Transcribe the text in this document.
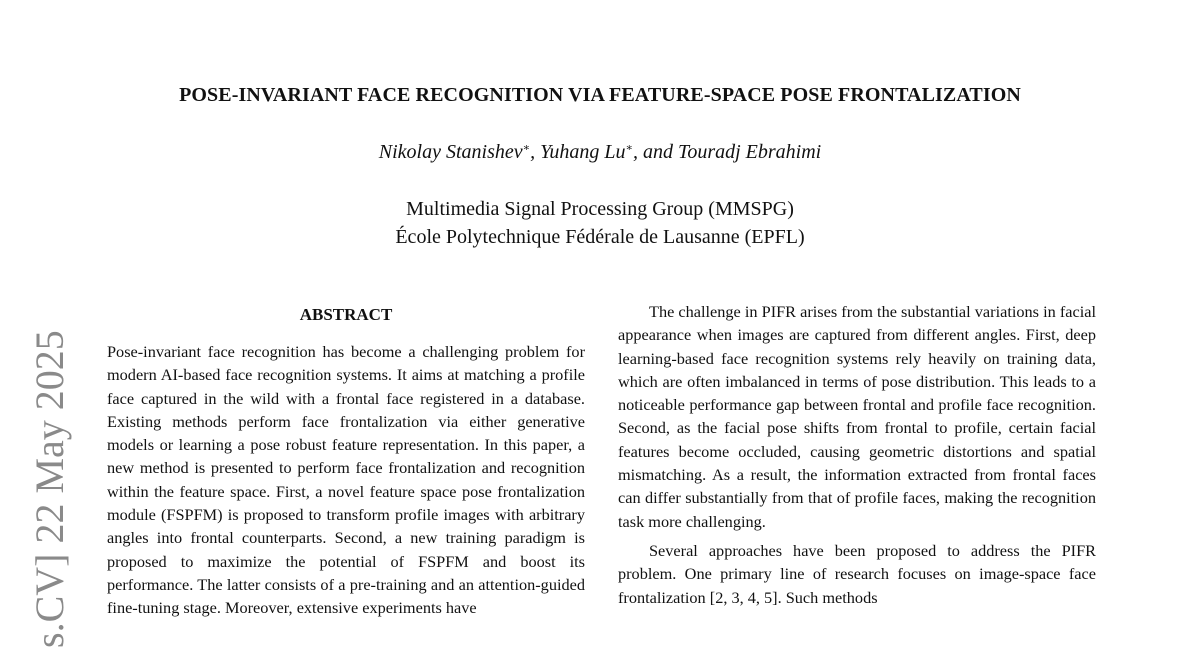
POSE-INVARIANT FACE RECOGNITION VIA FEATURE-SPACE POSE FRONTALIZATION
Nikolay Stanishev∗, Yuhang Lu∗, and Touradj Ebrahimi
Multimedia Signal Processing Group (MMSPG)
École Polytechnique Fédérale de Lausanne (EPFL)
s.CV] 22 May 2025
ABSTRACT

Pose-invariant face recognition has become a challenging problem for modern AI-based face recognition systems. It aims at matching a profile face captured in the wild with a frontal face registered in a database. Existing methods perform face frontalization via either generative models or learning a pose robust feature representation. In this paper, a new method is presented to perform face frontalization and recognition within the feature space. First, a novel feature space pose frontalization module (FSPFM) is proposed to transform profile images with arbitrary angles into frontal counterparts. Second, a new training paradigm is proposed to maximize the potential of FSPFM and boost its performance. The latter consists of a pre-training and an attention-guided fine-tuning stage. Moreover, extensive experiments have

The challenge in PIFR arises from the substantial variations in facial appearance when images are captured from different angles. First, deep learning-based face recognition systems rely heavily on training data, which are often imbalanced in terms of pose distribution. This leads to a noticeable performance gap between frontal and profile face recognition. Second, as the facial pose shifts from frontal to profile, certain facial features become occluded, causing geometric distortions and spatial mismatching. As a result, the information extracted from frontal faces can differ substantially from that of profile faces, making the recognition task more challenging.

Several approaches have been proposed to address the PIFR problem. One primary line of research focuses on image-space face frontalization [2, 3, 4, 5]. Such methods
